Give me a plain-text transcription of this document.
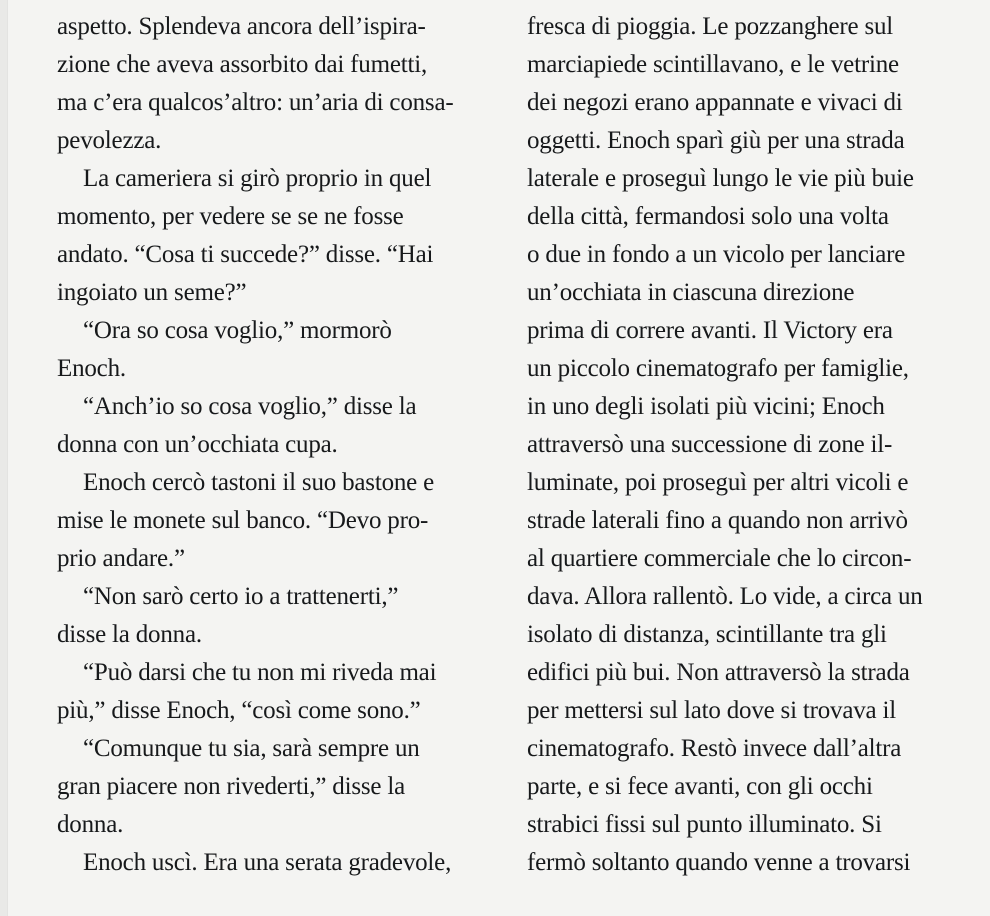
aspetto. Splendeva ancora dell’ispira-
zione che aveva assorbito dai fumetti,
ma c’era qualcos’altro: un’aria di consa-
pevolezza.
La cameriera si girò proprio in quel
momento, per vedere se se ne fosse
andato. “Cosa ti succede?” disse. “Hai
ingoiato un seme?”
“Ora so cosa voglio,” mormorò
Enoch.
“Anch’io so cosa voglio,” disse la
donna con un’occhiata cupa.
Enoch cercò tastoni il suo bastone e
mise le monete sul banco. “Devo pro-
prio andare.”
“Non sarò certo io a trattenerti,”
disse la donna.
“Può darsi che tu non mi riveda mai
più,” disse Enoch, “così come sono.”
“Comunque tu sia, sarà sempre un
gran piacere non rivederti,” disse la
donna.
Enoch uscì. Era una serata gradevole,
fresca di pioggia. Le pozzanghere sul
marciapiede scintillavano, e le vetrine
dei negozi erano appannate e vivaci di
oggetti. Enoch sparì giù per una strada
laterale e proseguì lungo le vie più buie
della città, fermandosi solo una volta
o due in fondo a un vicolo per lanciare
un’occhiata in ciascuna direzione
prima di correre avanti. Il Victory era
un piccolo cinematografo per famiglie,
in uno degli isolati più vicini; Enoch
attraversò una successione di zone il-
luminate, poi proseguì per altri vicoli e
strade laterali fino a quando non arrivò
al quartiere commerciale che lo circon-
dava. Allora rallentò. Lo vide, a circa un
isolato di distanza, scintillante tra gli
edifici più bui. Non attraversò la strada
per mettersi sul lato dove si trovava il
cinematografo. Restò invece dall’altra
parte, e si fece avanti, con gli occhi
strabici fissi sul punto illuminato. Si
fermò soltanto quando venne a trovarsi
